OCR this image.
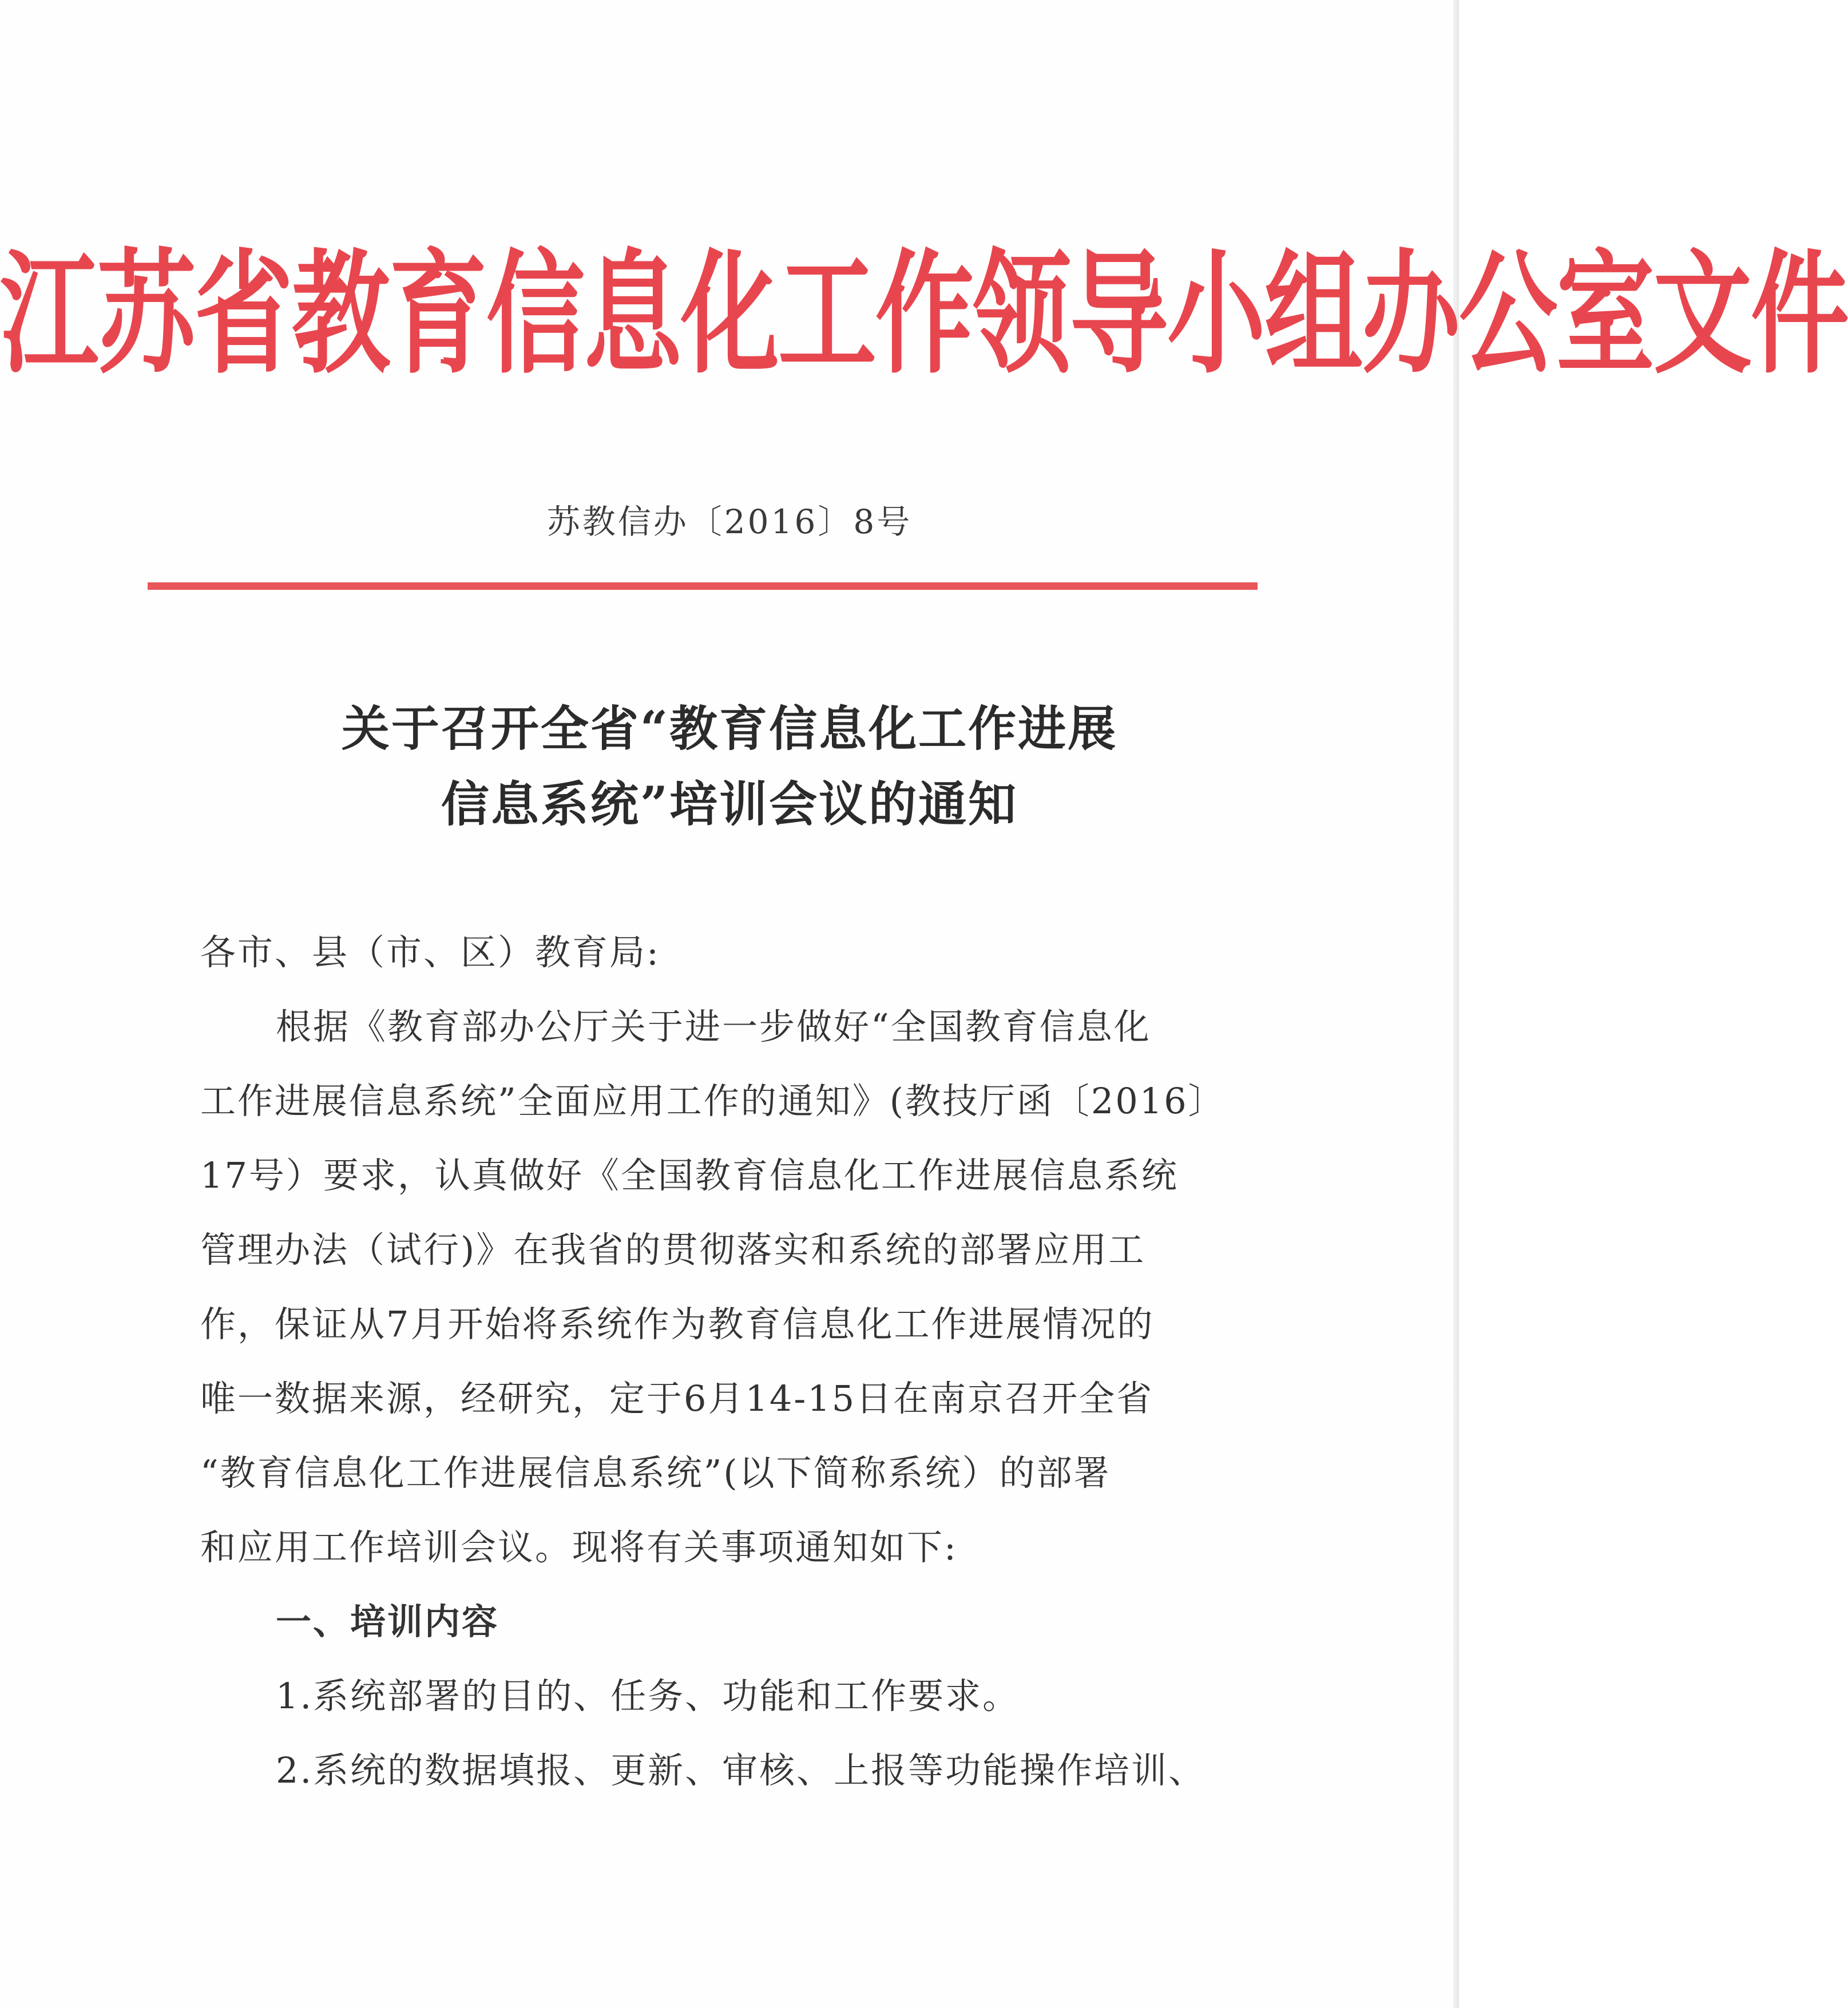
江苏省教育信息化工作领导小组办公室文件
苏教信办〔2016〕8号
关于召开全省“教育信息化工作进展
信息系统”培训会议的通知
各市、县（市、区）教育局:
根据《教育部办公厅关于进一步做好“全国教育信息化
工作进展信息系统”全面应用工作的通知》(教技厅函〔2016〕
17号）要求，认真做好《全国教育信息化工作进展信息系统
管理办法（试行)》在我省的贯彻落实和系统的部署应用工
作，保证从7月开始将系统作为教育信息化工作进展情况的
唯一数据来源，经研究，定于6月14-15日在南京召开全省
“教育信息化工作进展信息系统”(以下简称系统）的部署
和应用工作培训会议。现将有关事项通知如下:
一、培训内容
1.系统部署的目的、任务、功能和工作要求。
2.系统的数据填报、更新、审核、上报等功能操作培训、
